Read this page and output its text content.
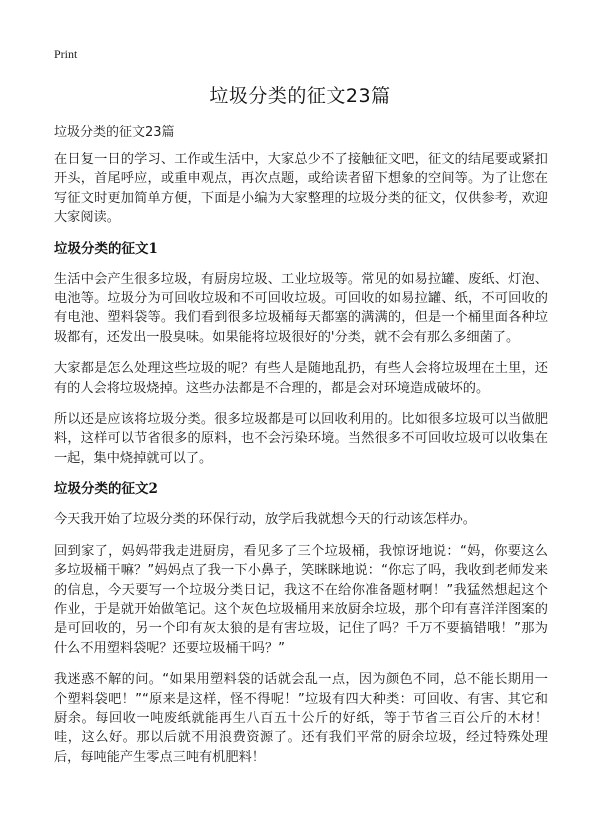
Print
垃圾分类的征文23篇
垃圾分类的征文23篇

在日复一日的学习、工作或生活中，大家总少不了接触征文吧，征文的结尾要或紧扣开头，首尾呼应，或重申观点，再次点题，或给读者留下想象的空间等。为了让您在写征文时更加简单方便，下面是小编为大家整理的垃圾分类的征文，仅供参考，欢迎大家阅读。

垃圾分类的征文1

生活中会产生很多垃圾，有厨房垃圾、工业垃圾等。常见的如易拉罐、废纸、灯泡、电池等。垃圾分为可回收垃圾和不可回收垃圾。可回收的如易拉罐、纸，不可回收的有电池、塑料袋等。我们看到很多垃圾桶每天都塞的满满的，但是一个桶里面各种垃圾都有，还发出一股臭味。如果能将垃圾很好的'分类，就不会有那么多细菌了。

大家都是怎么处理这些垃圾的呢？有些人是随地乱扔，有些人会将垃圾埋在土里，还有的人会将垃圾烧掉。这些办法都是不合理的，都是会对环境造成破坏的。

所以还是应该将垃圾分类。很多垃圾都是可以回收利用的。比如很多垃圾可以当做肥料，这样可以节省很多的原料，也不会污染环境。当然很多不可回收垃圾可以收集在一起，集中烧掉就可以了。

垃圾分类的征文2

今天我开始了垃圾分类的环保行动，放学后我就想今天的行动该怎样办。

回到家了，妈妈带我走进厨房，看见多了三个垃圾桶，我惊讶地说：“妈，你要这么多垃圾桶干嘛？”妈妈点了我一下小鼻子，笑眯眯地说：“你忘了吗，我收到老师发来的信息，今天要写一个垃圾分类日记，我这不在给你准备题材啊！”我猛然想起这个作业，于是就开始做笔记。这个灰色垃圾桶用来放厨余垃圾，那个印有喜洋洋图案的是可回收的，另一个印有灰太狼的是有害垃圾，记住了吗？千万不要搞错哦！”那为什么不用塑料袋呢？还要垃圾桶干吗？”

我迷惑不解的问。“如果用塑料袋的话就会乱一点，因为颜色不同，总不能长期用一个塑料袋吧！”“原来是这样，怪不得呢！”垃圾有四大种类：可回收、有害、其它和厨余。每回收一吨废纸就能再生八百五十公斤的好纸，等于节省三百公斤的木材！哇，这么好。那以后就不用浪费资源了。还有我们平常的厨余垃圾，经过特殊处理后，每吨能产生零点三吨有机肥料！
